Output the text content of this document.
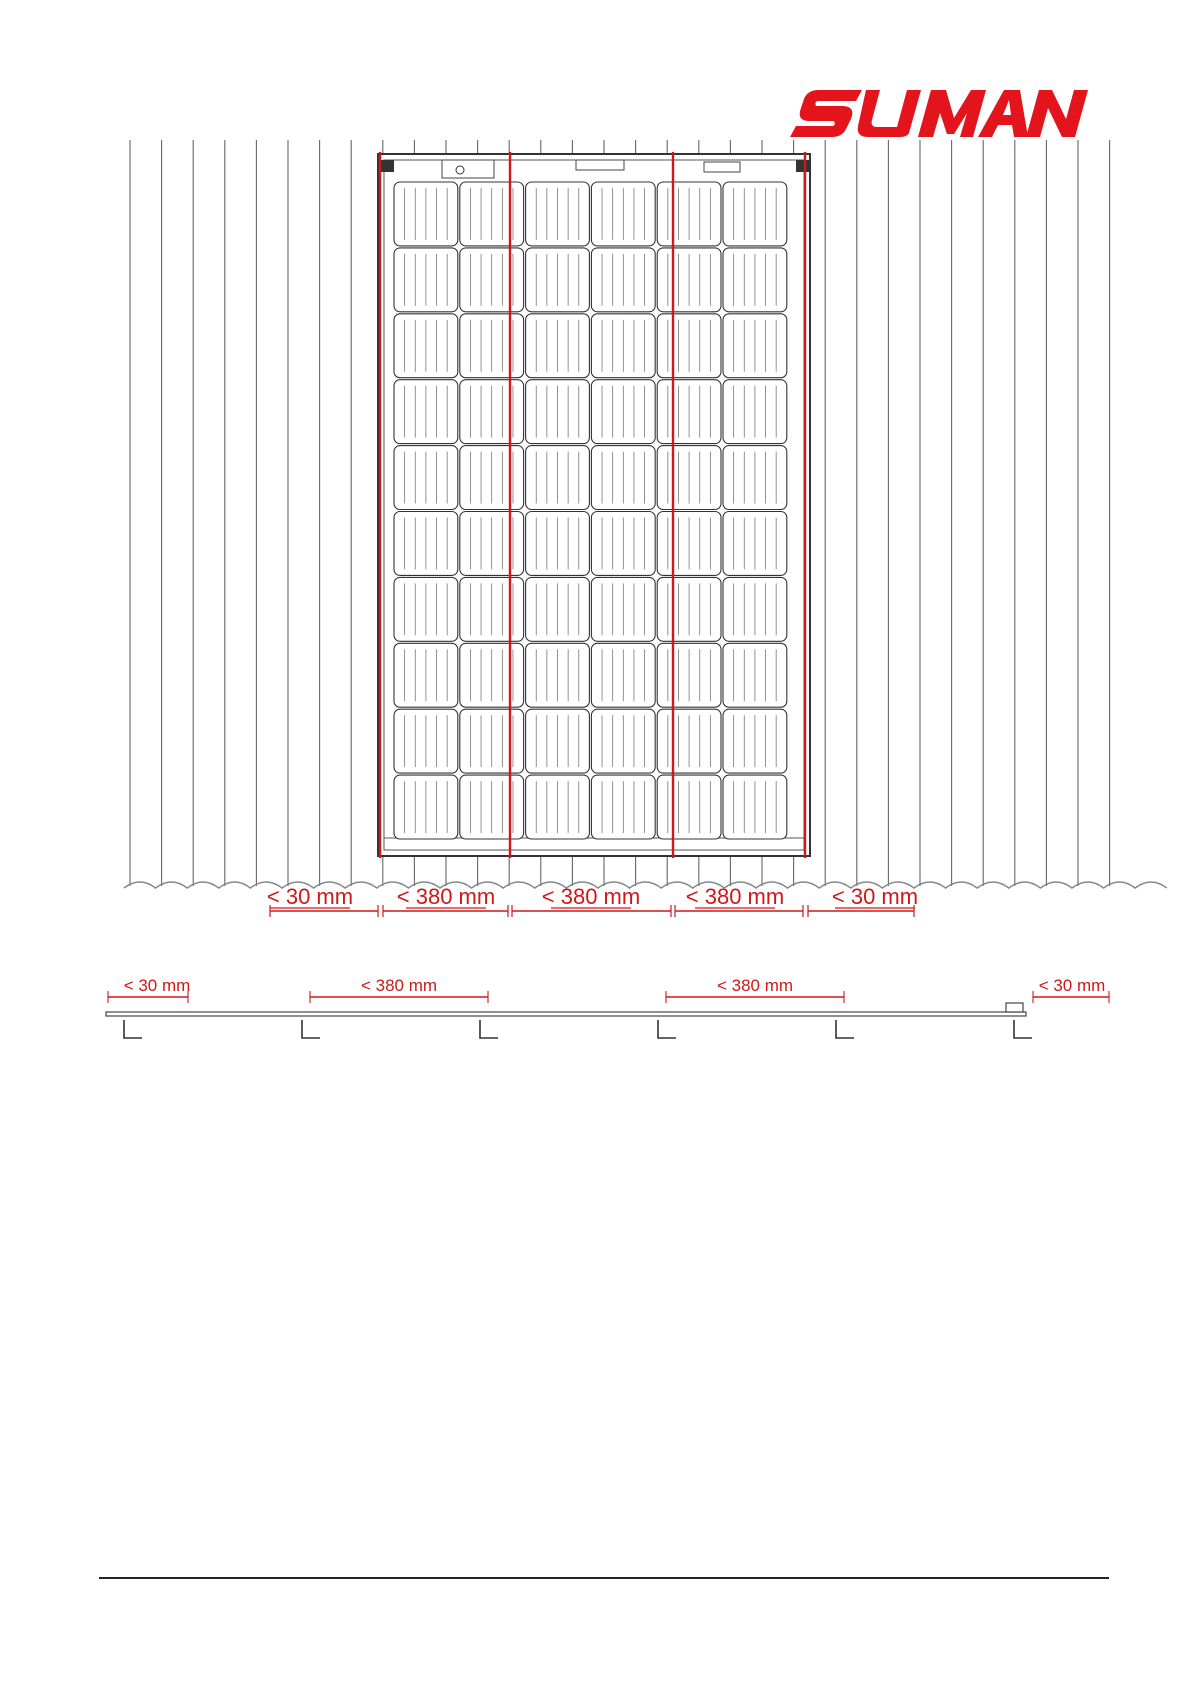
< 30 mm < 380 mm < 380 mm < 380 mm < 30 mm
< 30 mm	< 380 mm	< 380 mm	< 30 mm
